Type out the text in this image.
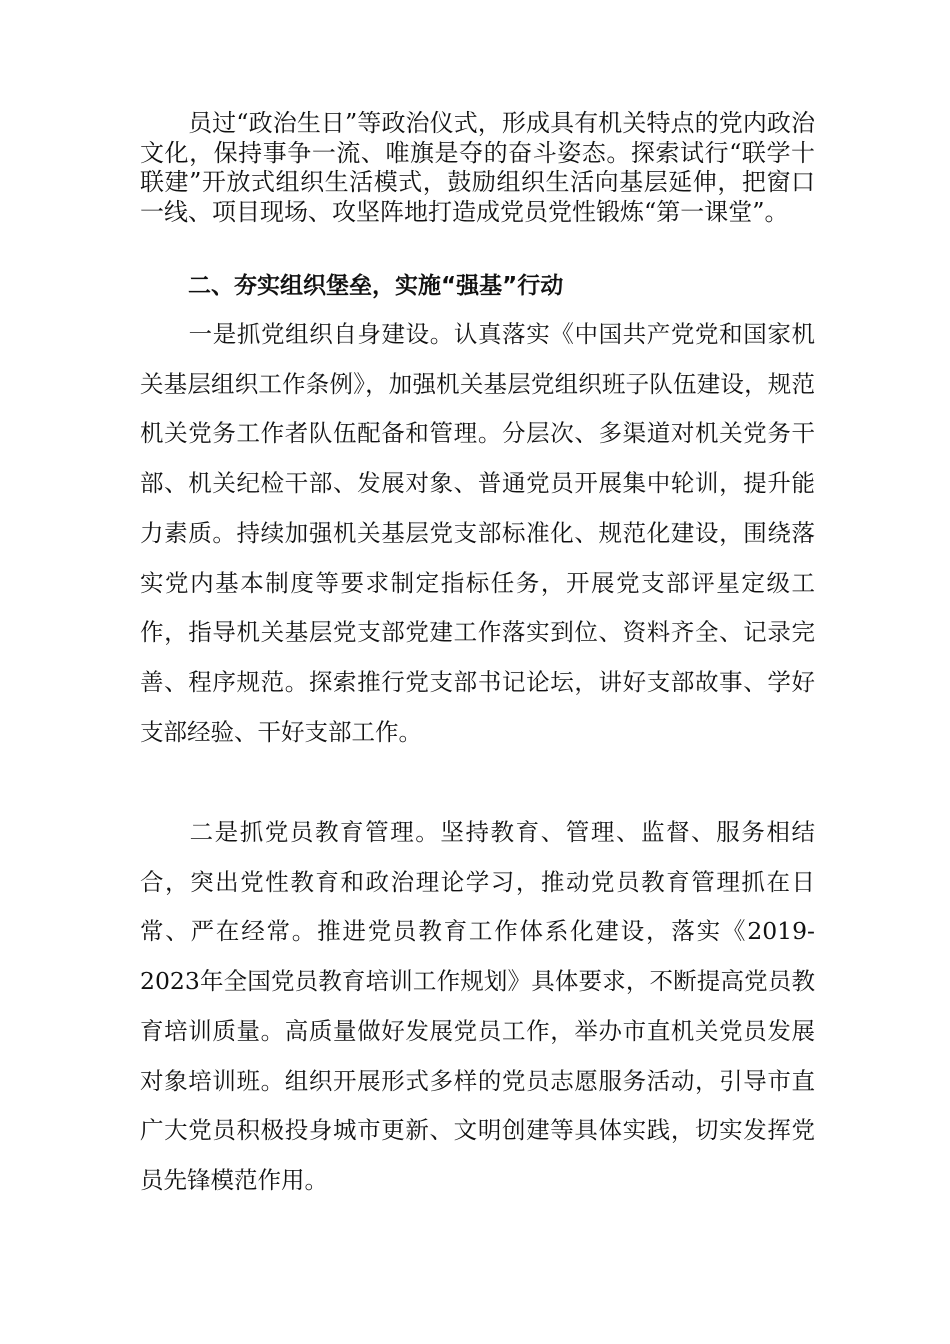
员过“政治生日”等政治仪式，形成具有机关特点的党内政治文化，保持事争一流、唯旗是夺的奋斗姿态。探索试行“联学十联建”开放式组织生活模式，鼓励组织生活向基层延伸，把窗口一线、项目现场、攻坚阵地打造成党员党性锻炼“第一课堂”。

二、夯实组织堡垒，实施“强基”行动

一是抓党组织自身建设。认真落实《中国共产党党和国家机关基层组织工作条例》，加强机关基层党组织班子队伍建设，规范机关党务工作者队伍配备和管理。分层次、多渠道对机关党务干部、机关纪检干部、发展对象、普通党员开展集中轮训，提升能力素质。持续加强机关基层党支部标准化、规范化建设，围绕落实党内基本制度等要求制定指标任务，开展党支部评星定级工作，指导机关基层党支部党建工作落实到位、资料齐全、记录完善、程序规范。探索推行党支部书记论坛，讲好支部故事、学好支部经验、干好支部工作。

二是抓党员教育管理。坚持教育、管理、监督、服务相结合，突出党性教育和政治理论学习，推动党员教育管理抓在日常、严在经常。推进党员教育工作体系化建设，落实《2019-2023年全国党员教育培训工作规划》具体要求，不断提高党员教育培训质量。高质量做好发展党员工作，举办市直机关党员发展对象培训班。组织开展形式多样的党员志愿服务活动，引导市直广大党员积极投身城市更新、文明创建等具体实践，切实发挥党员先锋模范作用。
